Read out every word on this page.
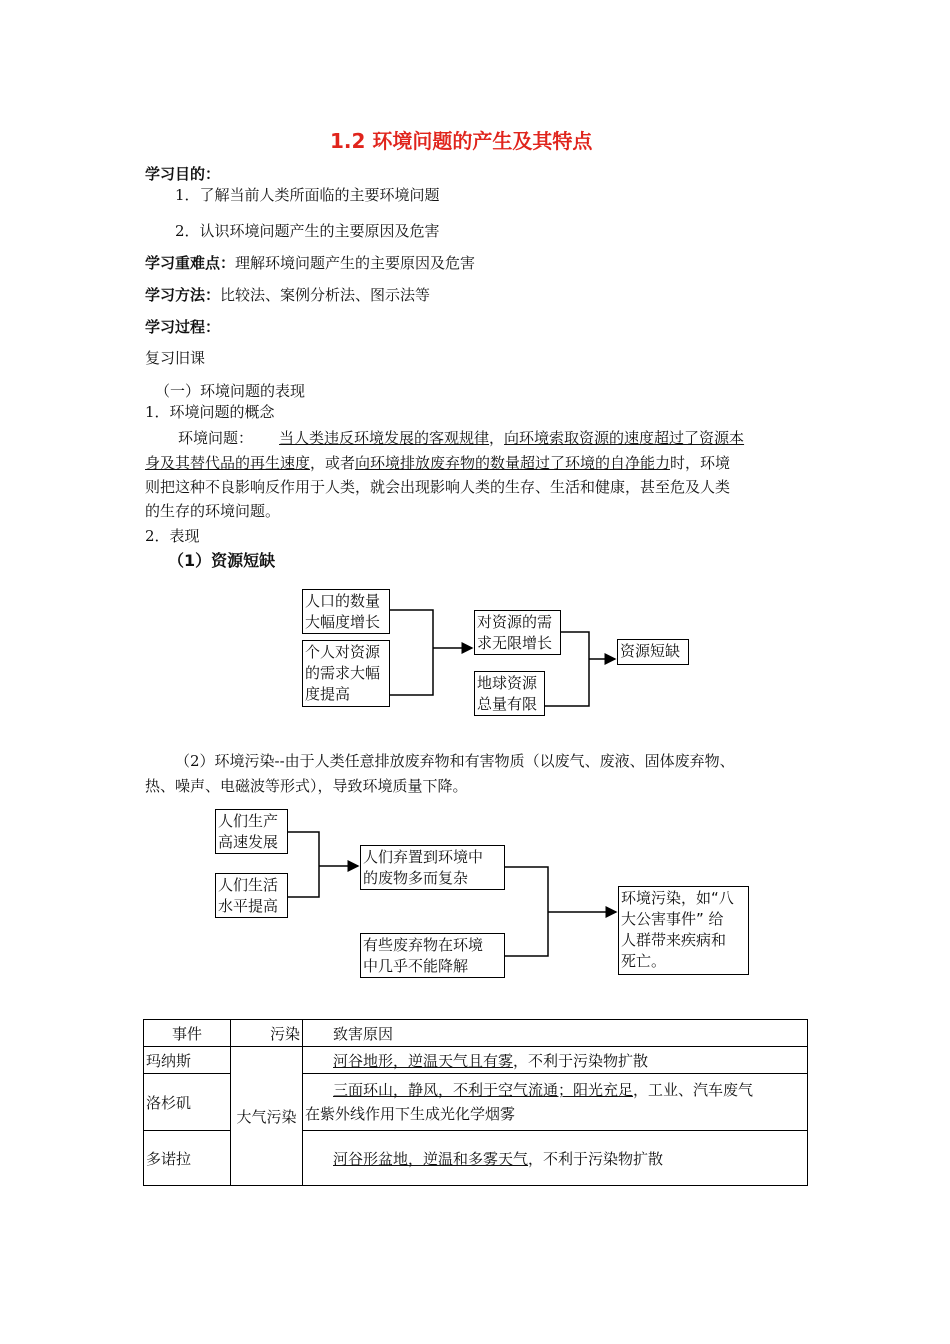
1.2 环境问题的产生及其特点
学习目的：
1．了解当前人类所面临的主要环境问题
2．认识环境问题产生的主要原因及危害
学习重难点：理解环境问题产生的主要原因及危害
学习方法：比较法、案例分析法、图示法等
学习过程：
复习旧课
（一）环境问题的表现
1．环境问题的概念
环境问题： 当人类违反环境发展的客观规律，向环境索取资源的速度超过了资源本
身及其替代品的再生速度，或者向环境排放废弃物的数量超过了环境的自净能力时，环境
则把这种不良影响反作用于人类，就会出现影响人类的生存、生活和健康，甚至危及人类
的生存的环境问题。
2．表现
（1）资源短缺
人口的数量
大幅度增长
个人对资源
的需求大幅
度提高
对资源的需
求无限增长
地球资源
总量有限
资源短缺
（2）环境污染--由于人类任意排放废弃物和有害物质（以废气、废液、固体废弃物、
热、噪声、电磁波等形式），导致环境质量下降。
人们生产
高速发展
人们生活
水平提高
人们弃置到环境中
的废物多而复杂
有些废弃物在环境
中几乎不能降解
环境污染，如“八
大公害事件” 给
人群带来疾病和
死亡。
事件	污染	致害原因
玛纳斯	大气污染	河谷地形，逆温天气且有雾，不利于污染物扩散
洛杉矶		三面环山，静风，不利于空气流通；阳光充足，工业、汽车废气
在紫外线作用下生成光化学烟雾

多诺拉		河谷形盆地，逆温和多雾天气，不利于污染物扩散
